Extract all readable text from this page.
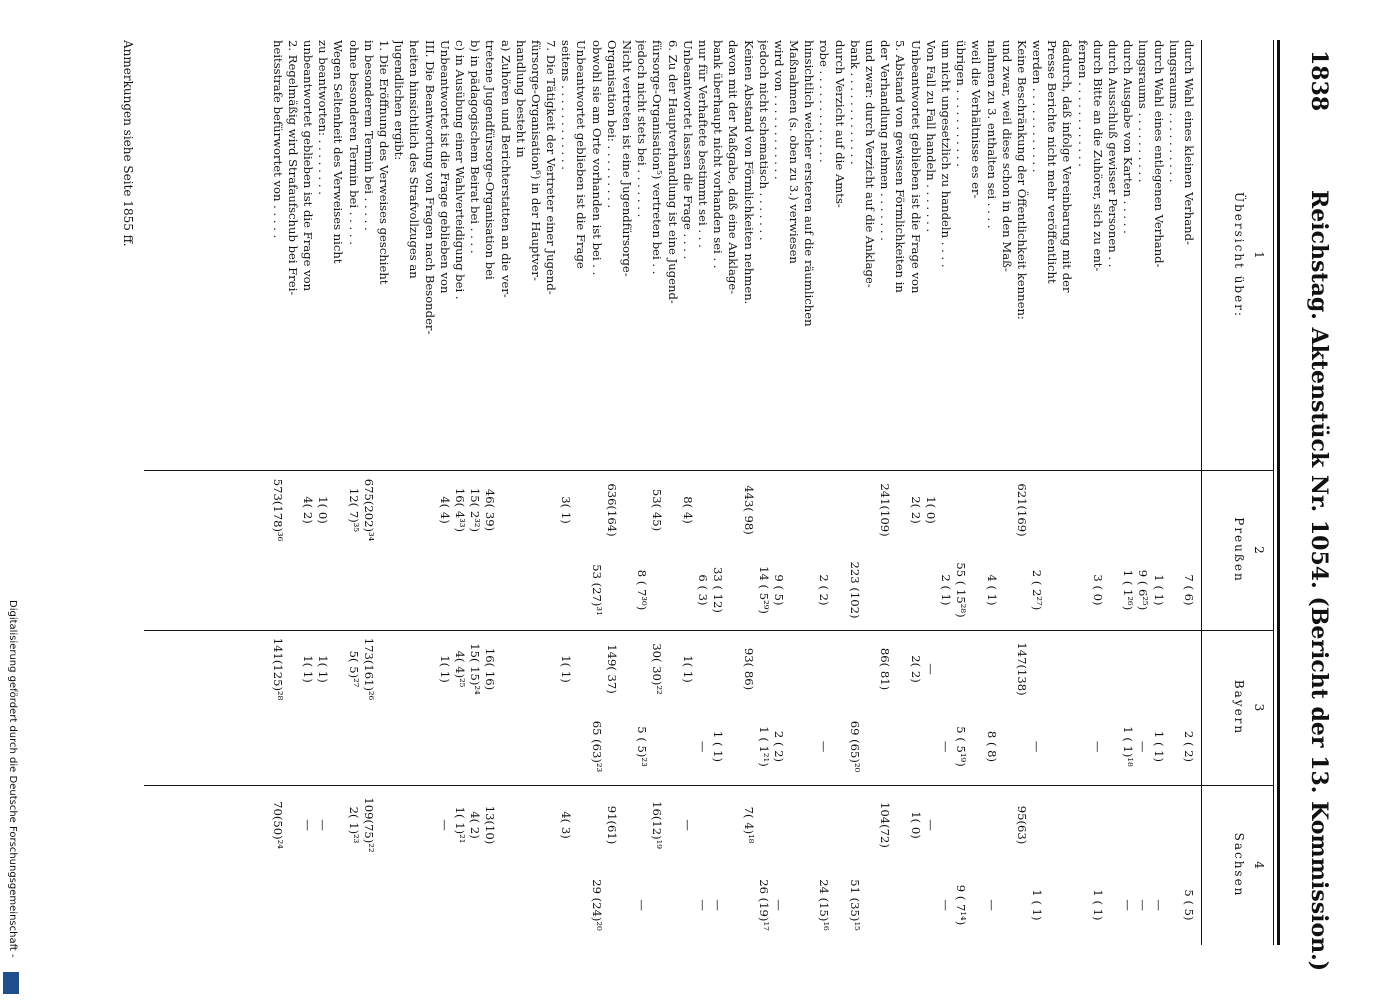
1838
Reichstag. Aktenstück Nr. 1054. (Bericht der 13. Kommission.)
1
Übersicht über:
2
Preußen
3
Bayern
4
Sachsen
durch Wahl eines kleinen Verhand-
7 ( 6)
2 ( 2)
5 ( 5)
lungsraums . . . . . . . . . .
durch Wahl eines entlegenen Verhand-
1 ( 1)
1 ( 1)
—
lungsraums . . . . . . . . . .
9 ( 6²⁵)
—
—
durch Ausgabe von Karten . . . . .
1 ( 1²⁶)
1 ( 1)¹⁸
—
durch Ausschluß gewisser Personen . .
durch Bitte an die Zuhörer, sich zu ent-
3 ( 0)
—
1 ( 1)
fernen . . . . . . . . . . . .
dadurch, daß infolge Vereinbarung mit der
Presse Berichte nicht mehr veröffentlicht
werden . . . . . . . . . . . .
2 ( 2²⁷)
—
1 ( 1)
Keine Beschränkung der Öffentlichkeit kennen:
621(169)
147(138)
95(63)
und zwar, weil diese schon in den Maß-
nahmen zu 3. enthalten sei . . . .
4 ( 1)
8 ( 8)
—
weil die Verhältnisse es er-
übrigen . . . . . . . . . . .
55 ( 15²⁸)
5 ( 5¹⁹)
9 ( 7¹⁴)
um nicht ungesetzlich zu handeln . . . .
2 ( 1)
—
—
Von Fall zu Fall handeln . . . . . . .
1( 0)
—
—
Unbeantwortet geblieben ist die Frage von
2( 2)
2( 2)
1( 0)
5. Abstand von gewissen Förmlichkeiten in
der Verhandlung nehmen . . . . . . .
241(109)
86( 81)
104(72)
und zwar: durch Verzicht auf die Anklage-
bank . . . . . . . . . . . . .
223 (102)
69 (65)²⁰
51 (35)¹⁵
durch Verzicht auf die Amts-
robe . . . . . . . . . . . . .
2 ( 2)
—
24 (15)¹⁶
hinsichtlich welcher ersteren auf die räumlichen
Maßnahmen (s. oben zu 3.) verwiesen
wird von . . . . . . . . . . . .
9 ( 5)
2 ( 2)
—
jedoch nicht schematisch . . . . . . .
14 ( 5²⁹)
1 ( 1²¹)
26 (19)¹⁷
Keinen Abstand von Förmlichkeiten nehmen.
443( 98)
93( 86)
7( 4)¹⁸
davon mit der Maßgabe, daß eine Anklage-
bank überhaupt nicht vorhanden sei . .
33 ( 12)
1 ( 1)
—
nur für Verhaftete bestimmt sei . . .
6 ( 3)
—
—
Unbeantwortet lassen die Frage . . . .
8( 4)
1( 1)
—
6. Zu der Hauptverhandlung ist eine Jugend-
fürsorge-Organisation⁵) vertreten bei . .
53( 45)
30( 30)²²
16(12)¹⁹
jedoch nicht stets bei . . . . . . .
8 ( 7³⁰)
5 ( 5)²³
—
Nicht vertreten ist eine Jugendfürsorge-
Organisation bei: . . . . . . . . .
636(164)
149( 37)
91(61)
obwohl sie am Orte vorhanden ist bei . .
53 (27)³¹
65 (63)²³
29 (24)²⁰
Unbeantwortet geblieben ist die Frage
seitens . . . . . . . . . . . .
3( 1)
1( 1)
4( 3)
7. Die Tätigkeit der Vertreter einer Jugend-
fürsorge-Organisation⁶) in der Hauptver-
handlung besteht in
a) Zuhören und Berichterstatten an die ver-
tretene Jugendfürsorge-Organisation bei
46( 39)
16( 16)
13(10)
b) in pädagogischem Beirat bei . . . .
15( 2³²)
15( 15)²⁴
4( 2)
c) in Ausübung einer Wahlverteidigung bei .
16( 4³³)
4( 4)²⁵
1( 1)²¹
Unbeantwortet ist die Frage geblieben von
4( 4)
1( 1)
—
III. Die Beantwortung von Fragen nach Besonder-
heiten hinsichtlich des Strafvollzuges an
Jugendlichen ergibt:
1. Die Eröffnung des Verweises geschieht
in besonderem Termin bei . . . . .
675(202)³⁴
173(161)²⁶
109(75)²²
ohne besonderen Termin bei . . . . .
12( 7)³⁵
5( 5)²⁷
2( 1)²³
Wegen Seltenheit des Verweises nicht
zu beantworten: . . . . . . . .
1( 0)
1( 1)
—
unbeantwortet geblieben ist die Frage von
4( 2)
1( 1)
—
2. Regelmäßig wird Strafaufschub bei Frei-
heitsstrafe befürwortet von . . . . .
573(178)³⁶
141(125)²⁸
70(50)²⁴
Anmerkungen siehe Seite 1855 ff.
Digitalisierung gefördert durch die Deutsche Forschungsgemeinschaft -
